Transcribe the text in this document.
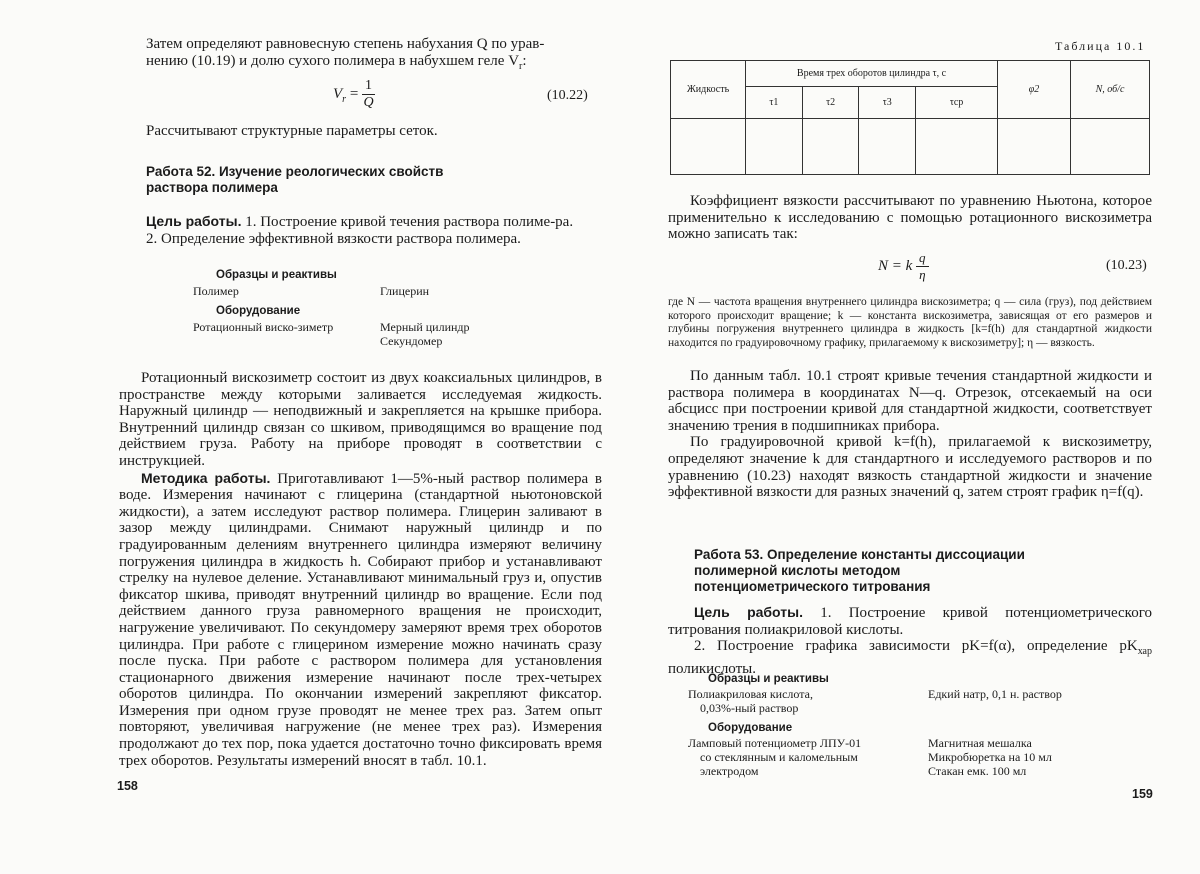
Затем определяют равновесную степень набухания Q по урав-
нению (10.19) и долю сухого полимера в набухшем геле $V_r$:
$V_r = \frac{1}{Q}$	(10.22)
Рассчитывают структурные параметры сеток.
Работа 52. Изучение реологических свойств раствора полимера
Цель работы. 1. Построение кривой течения раствора полиме-ра.
2. Определение эффективной вязкости раствора полимера.
Образцы и реактивы
Полимер	Глицерин
Оборудование
Ротационный виско-зиметр	Мерный цилиндр
Секундомер

Ротационный вискозиметр состоит из двух коаксиальных цилиндров, в пространстве между которыми заливается исследуемая жидкость. Наружный цилиндр — неподвижный и закрепляется на крышке прибора. Внутренний цилиндр связан со шкивом, приводящимся во вращение под действием груза. Работу на приборе проводят в соответствии с инструкцией.

Методика работы. Приготавливают 1—5%-ный раствор полимера в воде. Измерения начинают с глицерина (стандартной ньютоновской жидкости), а затем исследуют раствор полимера. Глицерин заливают в зазор между цилиндрами. Снимают наружный цилиндр и по градуированным делениям внутреннего цилиндра измеряют величину погружения цилиндра в жидкость h. Собирают прибор и устанавливают стрелку на нулевое деление. Устанавливают минимальный груз и, опустив фиксатор шкива, приводят внутренний цилиндр во вращение. Если под действием данного груза равномерного вращения не происходит, нагружение увеличивают. По секундомеру замеряют время трех оборотов цилиндра. При работе с глицерином измерение можно начинать сразу после пуска. При работе с раствором полимера для установления стационарного движения измерение начинают после трех-четырех оборотов цилиндра. По окончании измерений закрепляют фиксатор. Измерения при одном грузе проводят не менее трех раз. Затем опыт повторяют, увеличивая нагружение (не менее трех раз). Измерения продолжают до тех пор, пока удается достаточно точно фиксировать время трех оборотов. Результаты измерений вносят в табл. 10.1.

158
Таблица 10.1
Жидкость	Время трех оборотов цилиндра τ, с				φ2	N, об/с
	τ1	τ2	τ3	τср		

Коэффициент вязкости рассчитывают по уравнению Ньютона, которое применительно к исследованию с помощью ротационного вискозиметра можно записать так:

N = k $\frac{q}{\eta}$	(10.23)
где N — частота вращения внутреннего цилиндра вискозиметра; q — сила (груз), под действием которого происходит вращение; k — константа вискозиметра, зависящая от его размеров и глубины погружения внутреннего цилиндра в жидкость [k=f(h) для стандартной жидкости находится по градуировочному графику, прилагаемому к вискозиметру]; η — вязкость.

По данным табл. 10.1 строят кривые течения стандартной жидкости и раствора полимера в координатах N—q. Отрезок, отсекаемый на оси абсцисс при построении кривой для стандартной жидкости, соответствует значению трения в подшипниках прибора.

По градуировочной кривой k=f(h), прилагаемой к вискозиметру, определяют значение k для стандартного и исследуемого растворов и по уравнению (10.23) находят вязкость стандартной жидкости и значение эффективной вязкости для разных значений q, затем строят график η=f(q).

Работа 53. Определение константы диссоциации полимерной кислоты методом потенциометрического титрования
Цель работы. 1. Построение кривой потенциометрического титрования полиакриловой кислоты.
2. Построение графика зависимости pK=f(α), определение $pK_{хар}$ поликислоты.
Образцы и реактивы
Полиакриловая кислота,
0,03%-ный раствор
Едкий натр, 0,1 н. раствор
Оборудование
Ламповый потенциометр ЛПУ-01
со стеклянным и каломельным
электродом
Магнитная мешалка
Микробюретка на 10 мл
Стакан емк. 100 мл
159
